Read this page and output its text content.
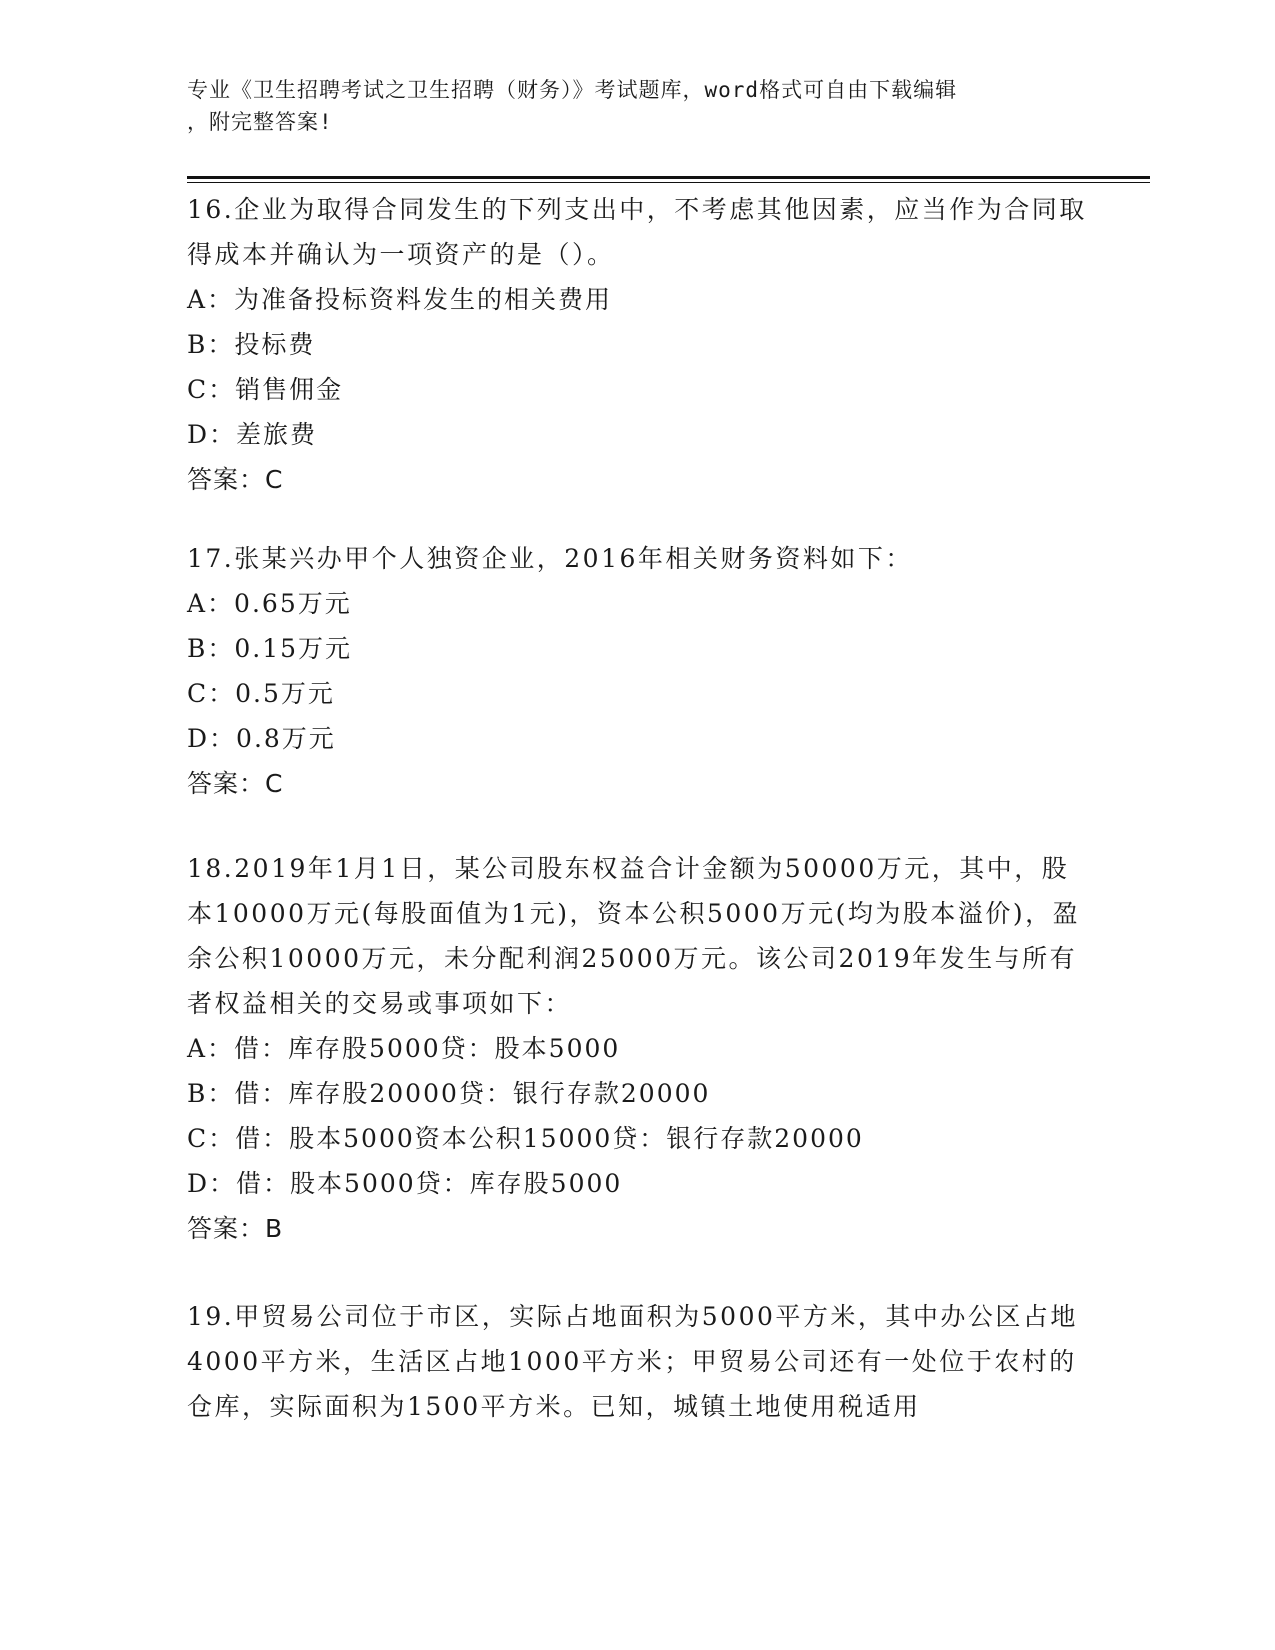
专业《卫生招聘考试之卫生招聘（财务）》考试题库，word格式可自由下载编辑
，附完整答案!

16.企业为取得合同发生的下列支出中，不考虑其他因素，应当作为合同取得成本并确认为一项资产的是（）。

A：为准备投标资料发生的相关费用

B：投标费

C：销售佣金

D：差旅费

答案：C

17.张某兴办甲个人独资企业，2016年相关财务资料如下：

A：0.65万元

B：0.15万元

C：0.5万元

D：0.8万元

答案：C

18.2019年1月1日，某公司股东权益合计金额为50000万元，其中，股本10000万元(每股面值为1元)，资本公积5000万元(均为股本溢价)，盈余公积10000万元，未分配利润25000万元。该公司2019年发生与所有者权益相关的交易或事项如下：

A：借：库存股5000贷：股本5000

B：借：库存股20000贷：银行存款20000

C：借：股本5000资本公积15000贷：银行存款20000

D：借：股本5000贷：库存股5000

答案：B

19.甲贸易公司位于市区，实际占地面积为5000平方米，其中办公区占地4000平方米，生活区占地1000平方米；甲贸易公司还有一处位于农村的仓库，实际面积为1500平方米。已知，城镇土地使用税适用
